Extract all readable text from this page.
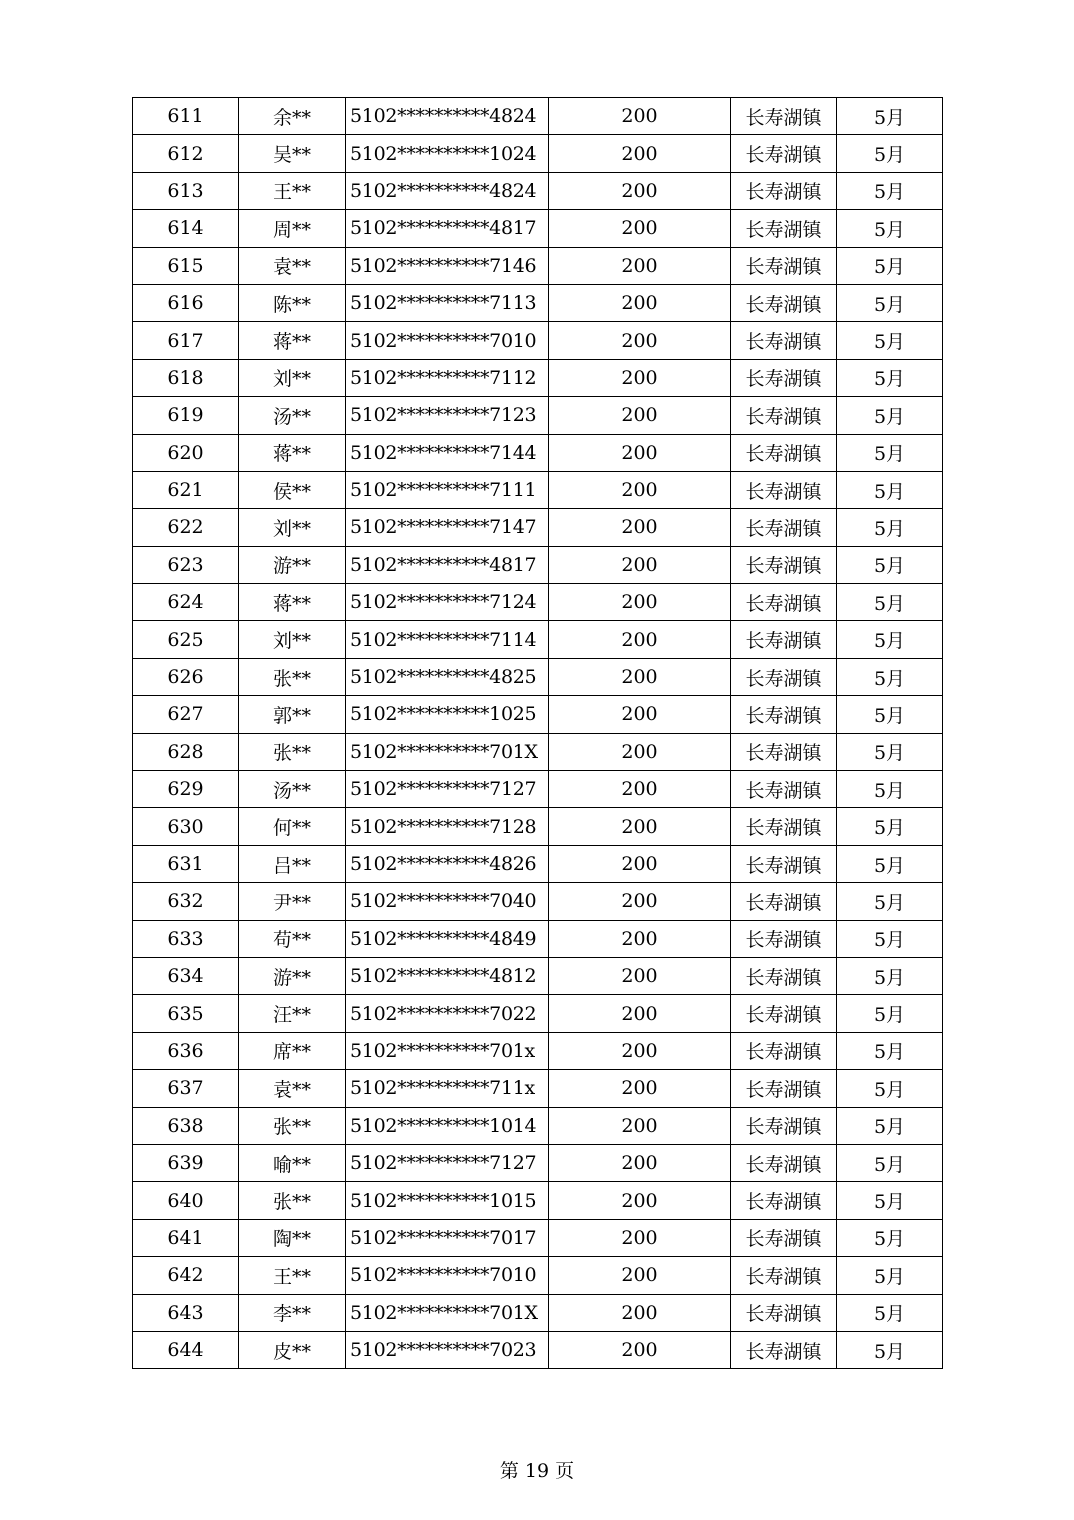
611	余**	5102**********4824	200	长寿湖镇	5月
612	吴**	5102**********1024	200	长寿湖镇	5月
613	王**	5102**********4824	200	长寿湖镇	5月
614	周**	5102**********4817	200	长寿湖镇	5月
615	袁**	5102**********7146	200	长寿湖镇	5月
616	陈**	5102**********7113	200	长寿湖镇	5月
617	蒋**	5102**********7010	200	长寿湖镇	5月
618	刘**	5102**********7112	200	长寿湖镇	5月
619	汤**	5102**********7123	200	长寿湖镇	5月
620	蒋**	5102**********7144	200	长寿湖镇	5月
621	侯**	5102**********7111	200	长寿湖镇	5月
622	刘**	5102**********7147	200	长寿湖镇	5月
623	游**	5102**********4817	200	长寿湖镇	5月
624	蒋**	5102**********7124	200	长寿湖镇	5月
625	刘**	5102**********7114	200	长寿湖镇	5月
626	张**	5102**********4825	200	长寿湖镇	5月
627	郭**	5102**********1025	200	长寿湖镇	5月
628	张**	5102**********701X	200	长寿湖镇	5月
629	汤**	5102**********7127	200	长寿湖镇	5月
630	何**	5102**********7128	200	长寿湖镇	5月
631	吕**	5102**********4826	200	长寿湖镇	5月
632	尹**	5102**********7040	200	长寿湖镇	5月
633	苟**	5102**********4849	200	长寿湖镇	5月
634	游**	5102**********4812	200	长寿湖镇	5月
635	汪**	5102**********7022	200	长寿湖镇	5月
636	席**	5102**********701x	200	长寿湖镇	5月
637	袁**	5102**********711x	200	长寿湖镇	5月
638	张**	5102**********1014	200	长寿湖镇	5月
639	喻**	5102**********7127	200	长寿湖镇	5月
640	张**	5102**********1015	200	长寿湖镇	5月
641	陶**	5102**********7017	200	长寿湖镇	5月
642	王**	5102**********7010	200	长寿湖镇	5月
643	李**	5102**********701X	200	长寿湖镇	5月
644	皮**	5102**********7023	200	长寿湖镇	5月
第 19 页
